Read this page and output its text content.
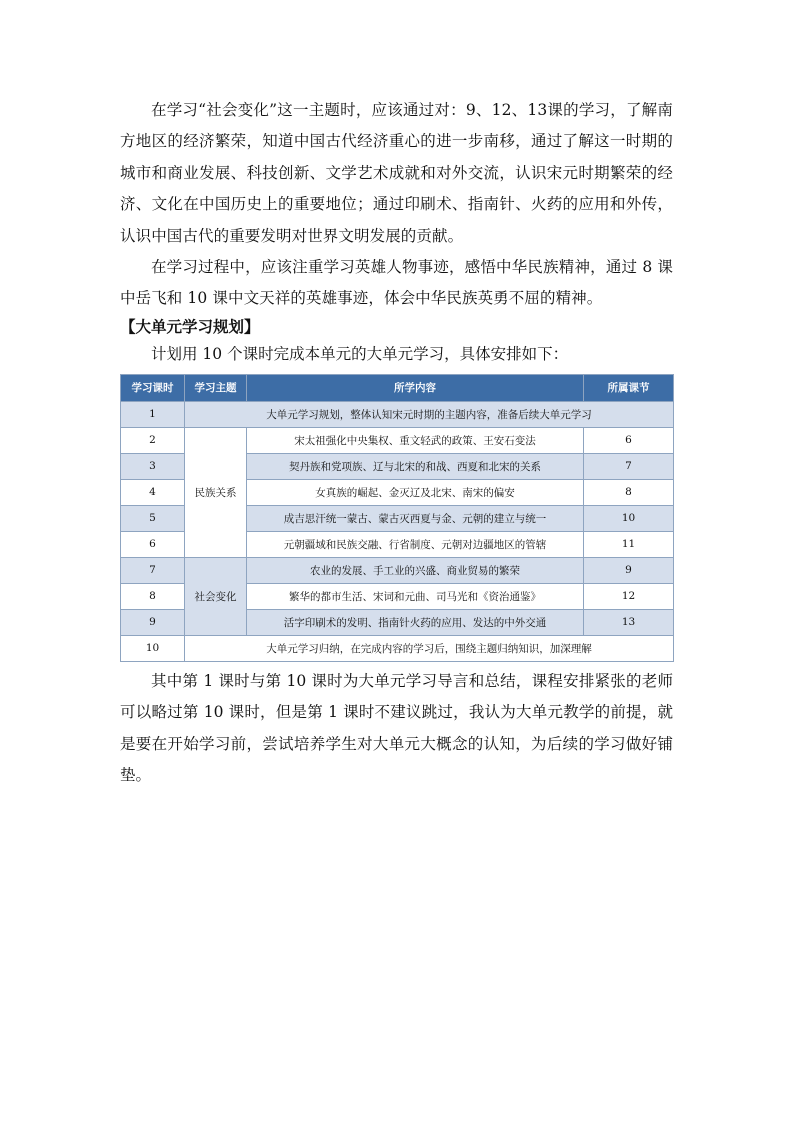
在学习“社会变化”这一主题时，应该通过对：9、12、13课的学习，了解南方地区的经济繁荣，知道中国古代经济重心的进一步南移，通过了解这一时期的城市和商业发展、科技创新、文学艺术成就和对外交流，认识宋元时期繁荣的经济、文化在中国历史上的重要地位；通过印刷术、指南针、火药的应用和外传，认识中国古代的重要发明对世界文明发展的贡献。

在学习过程中，应该注重学习英雄人物事迹，感悟中华民族精神，通过 8 课中岳飞和 10 课中文天祥的英雄事迹，体会中华民族英勇不屈的精神。

【大单元学习规划】

计划用 10 个课时完成本单元的大单元学习，具体安排如下：

学习课时	学习主题	所学内容	所属课节
1	大单元学习规划，整体认知宋元时期的主题内容，准备后续大单元学习		
2	民族关系	宋太祖强化中央集权、重文轻武的政策、王安石变法	6
3		契丹族和党项族、辽与北宋的和战、西夏和北宋的关系	7
4		女真族的崛起、金灭辽及北宋、南宋的偏安	8
5		成吉思汗统一蒙古、蒙古灭西夏与金、元朝的建立与统一	10
6		元朝疆域和民族交融、行省制度、元朝对边疆地区的管辖	11
7	社会变化	农业的发展、手工业的兴盛、商业贸易的繁荣	9
8		繁华的都市生活、宋词和元曲、司马光和《资治通鉴》	12
9		活字印刷术的发明、指南针火药的应用、发达的中外交通	13
10	大单元学习归纳，在完成内容的学习后，围绕主题归纳知识，加深理解		

其中第 1 课时与第 10 课时为大单元学习导言和总结，课程安排紧张的老师可以略过第 10 课时，但是第 1 课时不建议跳过，我认为大单元教学的前提，就是要在开始学习前，尝试培养学生对大单元大概念的认知，为后续的学习做好铺垫。
